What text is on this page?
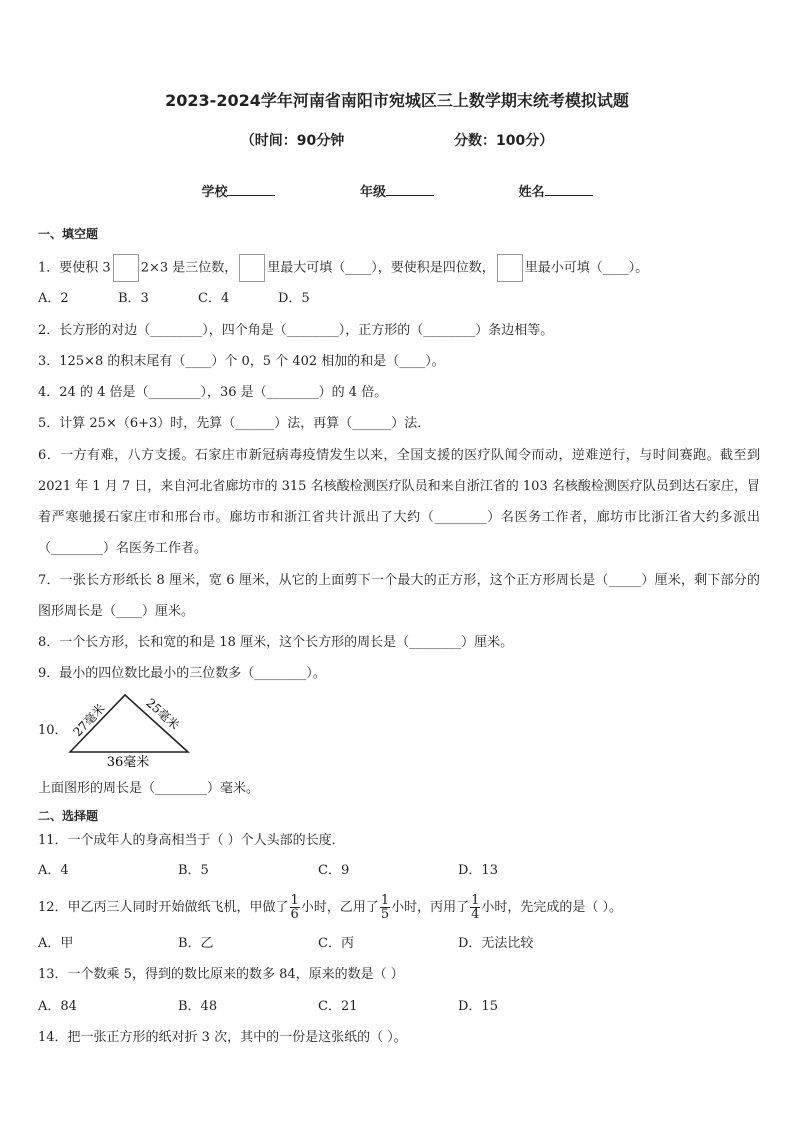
2023-2024学年河南省南阳市宛城区三上数学期末统考模拟试题
（时间：90分钟	分数：100分）
学校	年级	姓名
一、填空题
1．要使积 3 2×3 是三位数， 里最大可填（____），要使积是四位数， 里最小可填（____）。
A．2	B．3	C．4	D．5
2．长方形的对边（________），四个角是（________），正方形的（________）条边相等。
3．125×8 的积末尾有（____）个 0，5 个 402 相加的和是（____）。
4．24 的 4 倍是（________），36 是（________）的 4 倍。
5．计算 25×（6+3）时，先算（______）法，再算（______）法．
6．一方有难，八方支援。石家庄市新冠病毒疫情发生以来，全国支援的医疗队闻令而动，逆难逆行，与时间赛跑。截至到 2021 年 1 月 7 日，来自河北省廊坊市的 315 名核酸检测医疗队员和来自浙江省的 103 名核酸检测医疗队员到达石家庄，冒着严寒驰援石家庄市和邢台市。廊坊市和浙江省共计派出了大约（________）名医务工作者，廊坊市比浙江省大约多派出（________）名医务工作者。
7．一张长方形纸长 8 厘米，宽 6 厘米，从它的上面剪下一个最大的正方形，这个正方形周长是（_____）厘米，剩下部分的图形周长是（____）厘米。
8．一个长方形，长和宽的和是 18 厘米，这个长方形的周长是（________）厘米。
9．最小的四位数比最小的三位数多（________）。
10． 27毫米	25毫米
36毫米
上面图形的周长是（________）毫米。
二、选择题
11．一个成年人的身高相当于（ ）个人头部的长度．
A．4	B．5	C．9	D．13
12．甲乙丙三人同时开始做纸飞机，甲做了 $\frac{1}{6}$ 小时，乙用了 $\frac{1}{5}$ 小时，丙用了 $\frac{1}{4}$ 小时，先完成的是（ ）。
A．甲	B．乙	C．丙	D．无法比较
13．一个数乘 5，得到的数比原来的数多 84，原来的数是（ ）
A．84	B．48	C．21	D．15
14．把一张正方形的纸对折 3 次，其中的一份是这张纸的（ ）。
